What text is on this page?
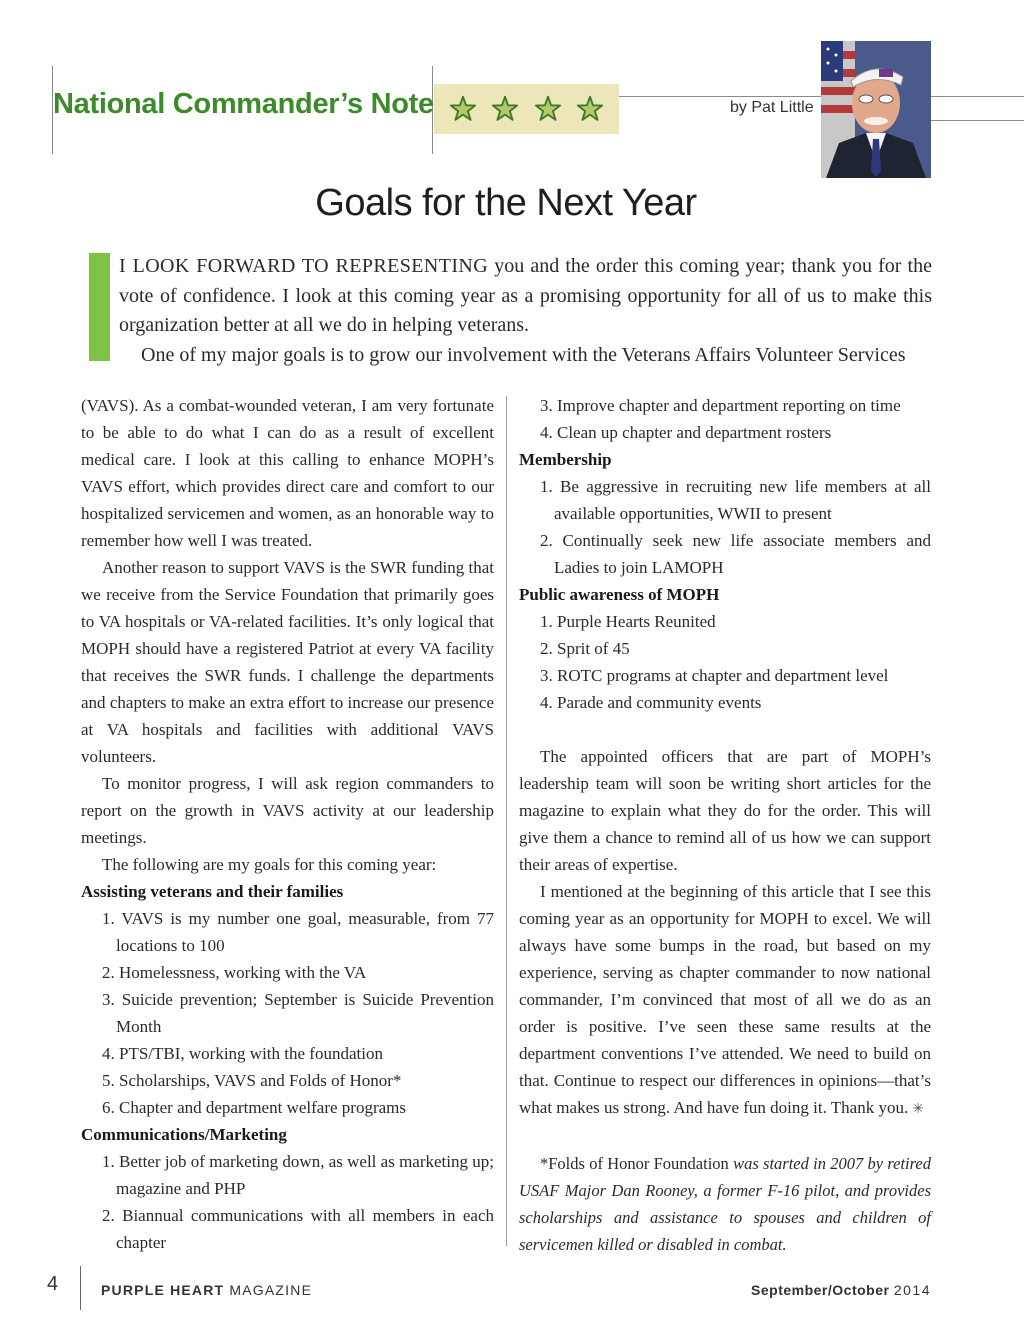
National Commander’s Note	by Pat Little
Goals for the Next Year

I LOOK FORWARD TO REPRESENTING you and the order this coming year; thank you for the vote of confidence. I look at this coming year as a promising opportunity for all of us to make this organization better at all we do in helping veterans.

One of my major goals is to grow our involvement with the Veterans Affairs Volunteer Services

(VAVS). As a combat-wounded veteran, I am very fortunate to be able to do what I can do as a result of excellent medical care. I look at this calling to enhance MOPH’s VAVS effort, which provides direct care and comfort to our hospitalized servicemen and women, as an honorable way to remember how well I was treated.

Another reason to support VAVS is the SWR funding that we receive from the Service Foundation that primarily goes to VA hospitals or VA-related facilities. It’s only logical that MOPH should have a registered Patriot at every VA facility that receives the SWR funds. I challenge the departments and chapters to make an extra effort to increase our presence at VA hospitals and facilities with additional VAVS volunteers.

To monitor progress, I will ask region commanders to report on the growth in VAVS activity at our leadership meetings.

The following are my goals for this coming year:

Assisting veterans and their families
1. VAVS is my number one goal, measurable, from 77 locations to 100
2. Homelessness, working with the VA
3. Suicide prevention; September is Suicide Prevention Month
4. PTS/TBI, working with the foundation
5. Scholarships, VAVS and Folds of Honor*
6. Chapter and department welfare programs
Communications/Marketing
1. Better job of marketing down, as well as marketing up; magazine and PHP
2. Biannual communications with all members in each chapter
3. Improve chapter and department reporting on time
4. Clean up chapter and department rosters
Membership
1. Be aggressive in recruiting new life members at all available opportunities, WWII to present
2. Continually seek new life associate members and Ladies to join LAMOPH
Public awareness of MOPH
1. Purple Hearts Reunited
2. Sprit of 45
3. ROTC programs at chapter and department level
4. Parade and community events

The appointed officers that are part of MOPH’s leadership team will soon be writing short articles for the magazine to explain what they do for the order. This will give them a chance to remind all of us how we can support their areas of expertise.

I mentioned at the beginning of this article that I see this coming year as an opportunity for MOPH to excel. We will always have some bumps in the road, but based on my experience, serving as chapter commander to now national commander, I’m convinced that most of all we do as an order is positive. I’ve seen these same results at the department conventions I’ve attended. We need to build on that. Continue to respect our differences in opinions—that’s what makes us strong. And have fun doing it. Thank you. ✳

*Folds of Honor Foundation was started in 2007 by retired USAF Major Dan Rooney, a former F-16 pilot, and provides scholarships and assistance to spouses and children of servicemen killed or disabled in combat.

4	PURPLE HEART MAGAZINE	September/October 2014
